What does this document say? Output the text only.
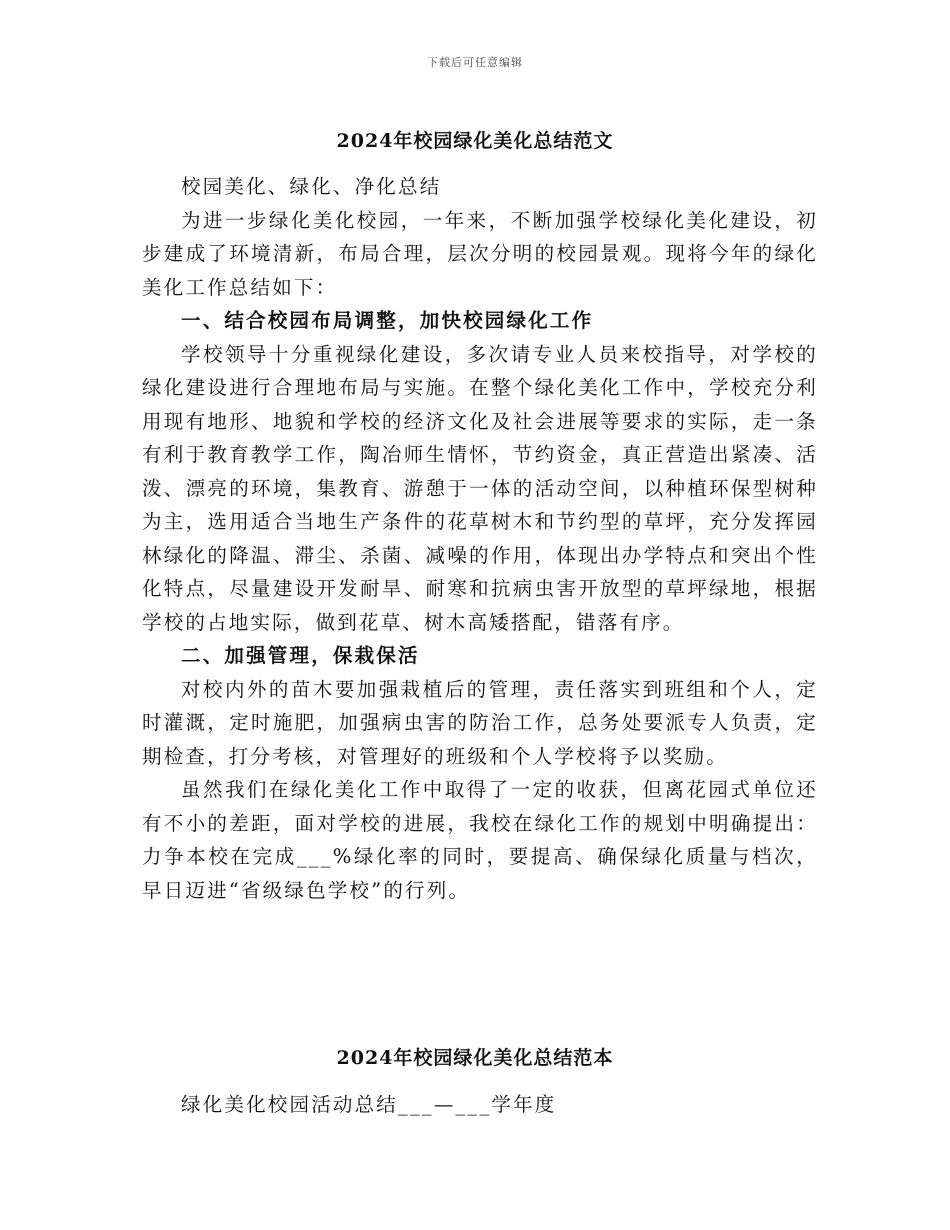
下载后可任意编辑
2024年校园绿化美化总结范文

校园美化、绿化、净化总结

为进一步绿化美化校园，一年来，不断加强学校绿化美化建设，初步建成了环境清新，布局合理，层次分明的校园景观。现将今年的绿化美化工作总结如下：

一、结合校园布局调整，加快校园绿化工作

学校领导十分重视绿化建设，多次请专业人员来校指导，对学校的绿化建设进行合理地布局与实施。在整个绿化美化工作中，学校充分利用现有地形、地貌和学校的经济文化及社会进展等要求的实际，走一条有利于教育教学工作，陶冶师生情怀，节约资金，真正营造出紧凑、活泼、漂亮的环境，集教育、游憩于一体的活动空间，以种植环保型树种为主，选用适合当地生产条件的花草树木和节约型的草坪，充分发挥园林绿化的降温、滞尘、杀菌、减噪的作用，体现出办学特点和突出个性化特点，尽量建设开发耐旱、耐寒和抗病虫害开放型的草坪绿地，根据学校的占地实际，做到花草、树木高矮搭配，错落有序。

二、加强管理，保栽保活

对校内外的苗木要加强栽植后的管理，责任落实到班组和个人，定时灌溉，定时施肥，加强病虫害的防治工作，总务处要派专人负责，定期检查，打分考核，对管理好的班级和个人学校将予以奖励。

虽然我们在绿化美化工作中取得了一定的收获，但离花园式单位还有不小的差距，面对学校的进展，我校在绿化工作的规划中明确提出：力争本校在完成___%绿化率的同时，要提高、确保绿化质量与档次，早日迈进“省级绿色学校”的行列。

2024年校园绿化美化总结范本

绿化美化校园活动总结___—___学年度
